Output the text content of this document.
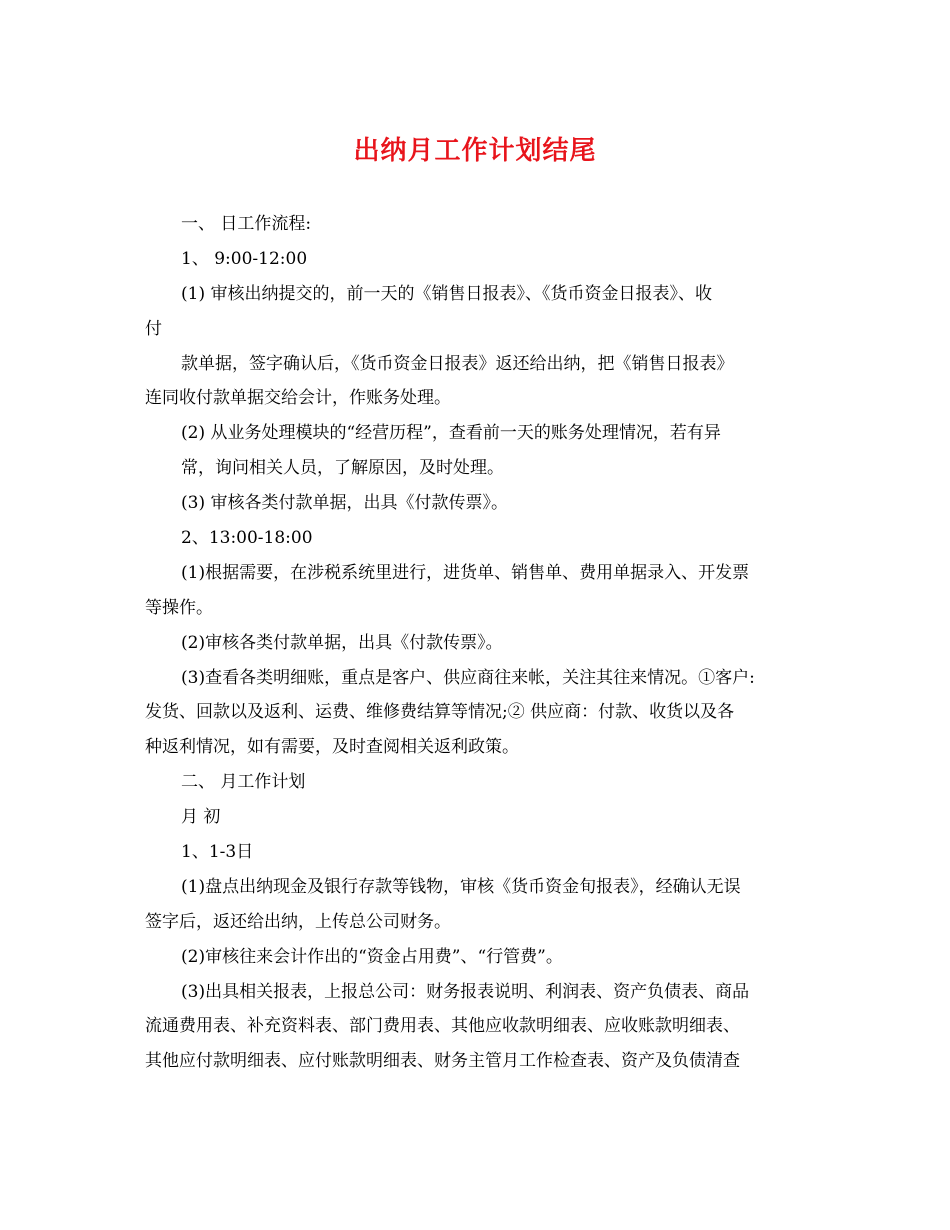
出纳月工作计划结尾
一、 日工作流程:
1、 9:00-12:00
(1) 审核出纳提交的，前一天的《销售日报表》、《货币资金日报表》、收
付
款单据，签字确认后，《货币资金日报表》返还给出纳，把《销售日报表》
连同收付款单据交给会计，作账务处理。
(2) 从业务处理模块的“经营历程”，查看前一天的账务处理情况，若有异
常，询问相关人员，了解原因，及时处理。
(3) 审核各类付款单据，出具《付款传票》。
2、13:00-18:00
(1)根据需要，在涉税系统里进行，进货单、销售单、费用单据录入、开发票
等操作。
(2)审核各类付款单据，出具《付款传票》。
(3)查看各类明细账，重点是客户、供应商往来帐，关注其往来情况。①客户:
发货、回款以及返利、运费、维修费结算等情况;② 供应商：付款、收货以及各
种返利情况，如有需要，及时查阅相关返利政策。
二、 月工作计划
月 初
1、1-3日
(1)盘点出纳现金及银行存款等钱物，审核《货币资金旬报表》，经确认无误
签字后，返还给出纳，上传总公司财务。
(2)审核往来会计作出的“资金占用费”、“行管费”。
(3)出具相关报表，上报总公司：财务报表说明、利润表、资产负债表、商品
流通费用表、补充资料表、部门费用表、其他应收款明细表、应收账款明细表、
其他应付款明细表、应付账款明细表、财务主管月工作检查表、资产及负债清查
